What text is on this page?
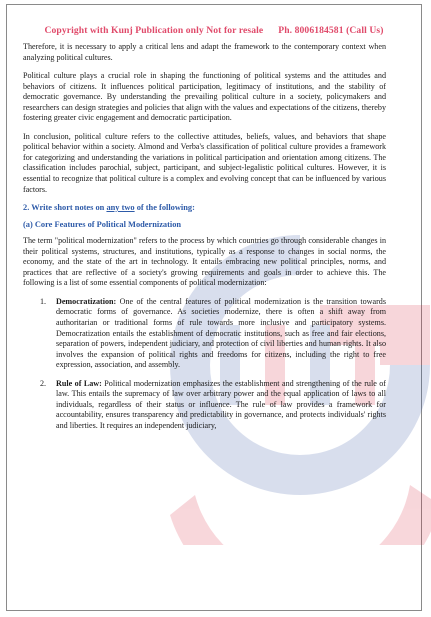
Copyright with Kunj Publication only Not for resale Ph. 8006184581 (Call Us)

Therefore, it is necessary to apply a critical lens and adapt the framework to the contemporary context when analyzing political cultures.

Political culture plays a crucial role in shaping the functioning of political systems and the attitudes and behaviors of citizens. It influences political participation, legitimacy of institutions, and the stability of democratic governance. By understanding the prevailing political culture in a society, policymakers and researchers can design strategies and policies that align with the values and expectations of the citizens, thereby fostering greater civic engagement and democratic participation.

In conclusion, political culture refers to the collective attitudes, beliefs, values, and behaviors that shape political behavior within a society. Almond and Verba's classification of political culture provides a framework for categorizing and understanding the variations in political participation and orientation among citizens. The classification includes parochial, subject, participant, and subject-legalistic political cultures. However, it is essential to recognize that political culture is a complex and evolving concept that can be influenced by various factors.

2. Write short notes on any two of the following:
(a) Core Features of Political Modernization

The term "political modernization" refers to the process by which countries go through considerable changes in their political systems, structures, and institutions, typically as a response to changes in social norms, the economy, and the state of the art in technology. It entails embracing new political principles, norms, and practices that are reflective of a society's growing requirements and goals in order to achieve this. The following is a list of some essential components of political modernization:

1. Democratization: One of the central features of political modernization is the transition towards democratic forms of governance. As societies modernize, there is often a shift away from authoritarian or traditional forms of rule towards more inclusive and participatory systems. Democratization entails the establishment of democratic institutions, such as free and fair elections, separation of powers, independent judiciary, and protection of civil liberties and human rights. It also involves the expansion of political rights and freedoms for citizens, including the right to free expression, association, and assembly.
2. Rule of Law: Political modernization emphasizes the establishment and strengthening of the rule of law. This entails the supremacy of law over arbitrary power and the equal application of laws to all individuals, regardless of their status or influence. The rule of law provides a framework for accountability, ensures transparency and predictability in governance, and protects individuals' rights and liberties. It requires an independent judiciary,
